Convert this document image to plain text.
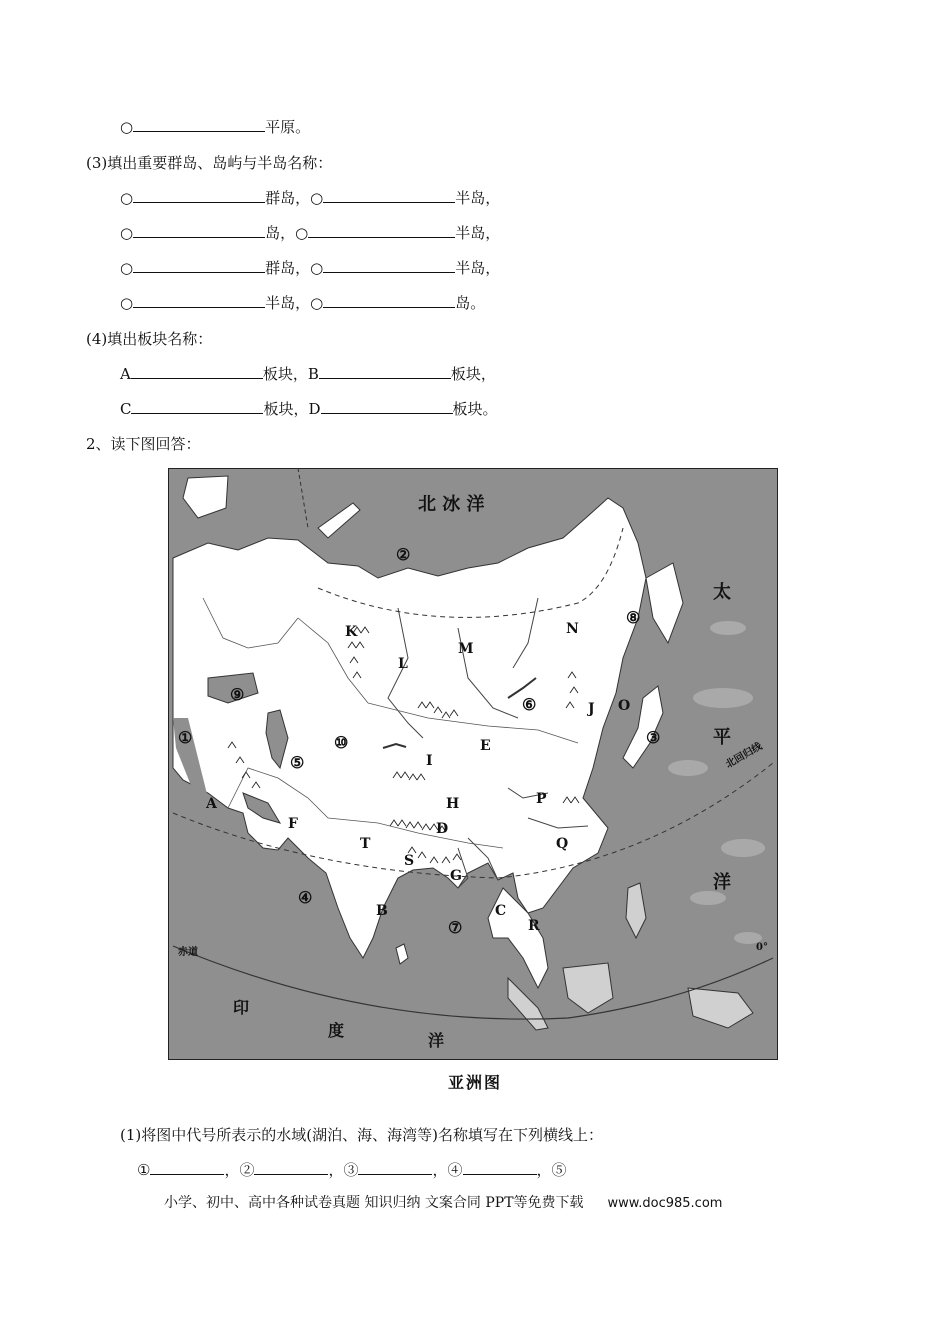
○	平原。
(3)填出重要群岛、岛屿与半岛名称：
○	群岛，○	半岛，
○	岛，○	半岛，
○	群岛，○	半岛，
○	半岛，○	岛。
(4)填出板块名称：
A	板块，B	板块，
C	板块，D	板块。
2、读下图回答：
北 冰 洋
太
平
洋
印
度
洋
北回归线
赤道	0°
K
L
M
N
J O
E
I
H	P
A
F	D
T
S
Q
G
C
R
B
①
②
③
④
⑤
⑥
⑦
⑧
⑨
⑩
亚洲图
(1)将图中代号所表示的水域(湖泊、海、海湾等)名称填写在下列横线上：
①	，②	，③	，④	，⑤
小学、初中、高中各种试卷真题 知识归纳 文案合同 PPT等免费下载 www.doc985.com
